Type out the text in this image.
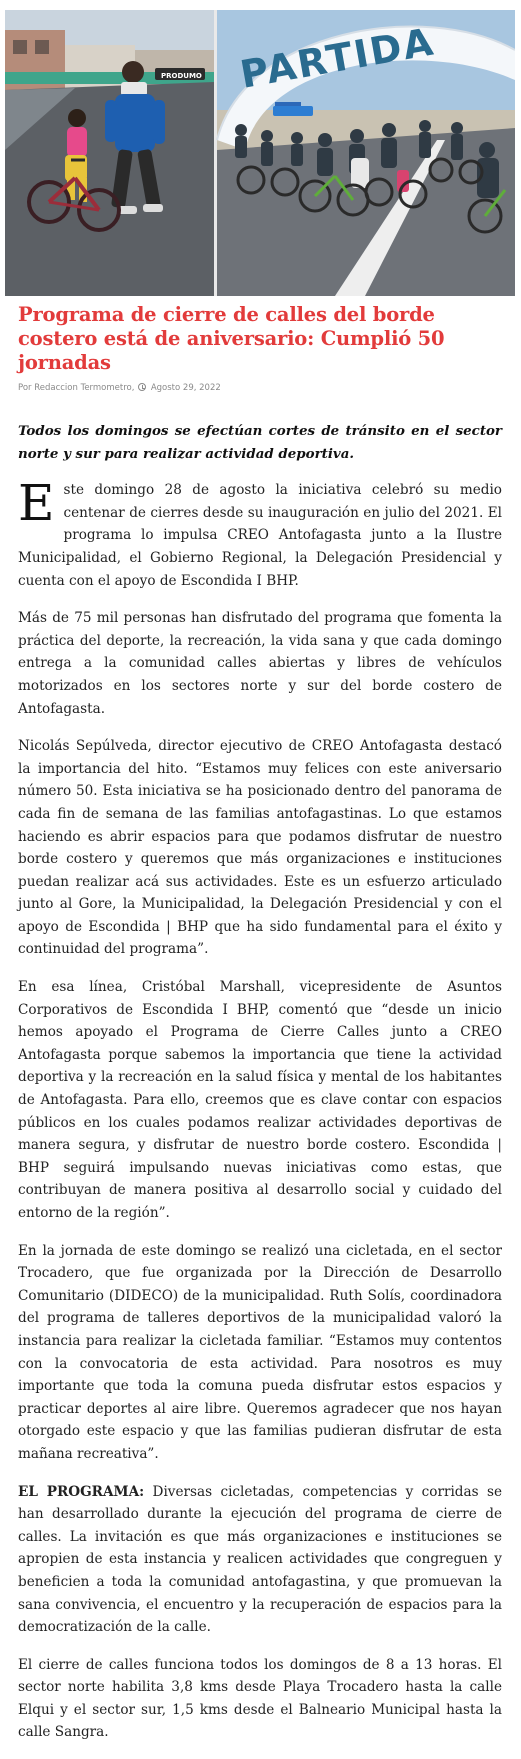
PRODUMO PARTIDA
Programa de cierre de calles del borde costero está de aniversario: Cumplió 50 jornadas
Por Redaccion Termometro, Agosto 29, 2022
Todos los domingos se efectúan cortes de tránsito en el sector norte y sur para realizar actividad deportiva.
Este domingo 28 de agosto la iniciativa celebró su medio centenar de cierres desde su inauguración en julio del 2021. El programa lo impulsa CREO Antofagasta junto a la Ilustre Municipalidad, el Gobierno Regional, la Delegación Presidencial y cuenta con el apoyo de Escondida I BHP.
Más de 75 mil personas han disfrutado del programa que fomenta la práctica del deporte, la recreación, la vida sana y que cada domingo entrega a la comunidad calles abiertas y libres de vehículos motorizados en los sectores norte y sur del borde costero de Antofagasta.
Nicolás Sepúlveda, director ejecutivo de CREO Antofagasta destacó la importancia del hito. “Estamos muy felices con este aniversario número 50. Esta iniciativa se ha posicionado dentro del panorama de cada fin de semana de las familias antofagastinas. Lo que estamos haciendo es abrir espacios para que podamos disfrutar de nuestro borde costero y queremos que más organizaciones e instituciones puedan realizar acá sus actividades. Este es un esfuerzo articulado junto al Gore, la Municipalidad, la Delegación Presidencial y con el apoyo de Escondida | BHP que ha sido fundamental para el éxito y continuidad del programa”.
En esa línea, Cristóbal Marshall, vicepresidente de Asuntos Corporativos de Escondida I BHP, comentó que “desde un inicio hemos apoyado el Programa de Cierre Calles junto a CREO Antofagasta porque sabemos la importancia que tiene la actividad deportiva y la recreación en la salud física y mental de los habitantes de Antofagasta. Para ello, creemos que es clave contar con espacios públicos en los cuales podamos realizar actividades deportivas de manera segura, y disfrutar de nuestro borde costero. Escondida | BHP seguirá impulsando nuevas iniciativas como estas, que contribuyan de manera positiva al desarrollo social y cuidado del entorno de la región”.
En la jornada de este domingo se realizó una cicletada, en el sector Trocadero, que fue organizada por la Dirección de Desarrollo Comunitario (DIDECO) de la municipalidad. Ruth Solís, coordinadora del programa de talleres deportivos de la municipalidad valoró la instancia para realizar la cicletada familiar. “Estamos muy contentos con la convocatoria de esta actividad. Para nosotros es muy importante que toda la comuna pueda disfrutar estos espacios y practicar deportes al aire libre. Queremos agradecer que nos hayan otorgado este espacio y que las familias pudieran disfrutar de esta mañana recreativa”.
EL PROGRAMA: Diversas cicletadas, competencias y corridas se han desarrollado durante la ejecución del programa de cierre de calles. La invitación es que más organizaciones e instituciones se apropien de esta instancia y realicen actividades que congreguen y beneficien a toda la comunidad antofagastina, y que promuevan la sana convivencia, el encuentro y la recuperación de espacios para la democratización de la calle.
El cierre de calles funciona todos los domingos de 8 a 13 horas. El sector norte habilita 3,8 kms desde Playa Trocadero hasta la calle Elqui y el sector sur, 1,5 kms desde el Balneario Municipal hasta la calle Sangra.
